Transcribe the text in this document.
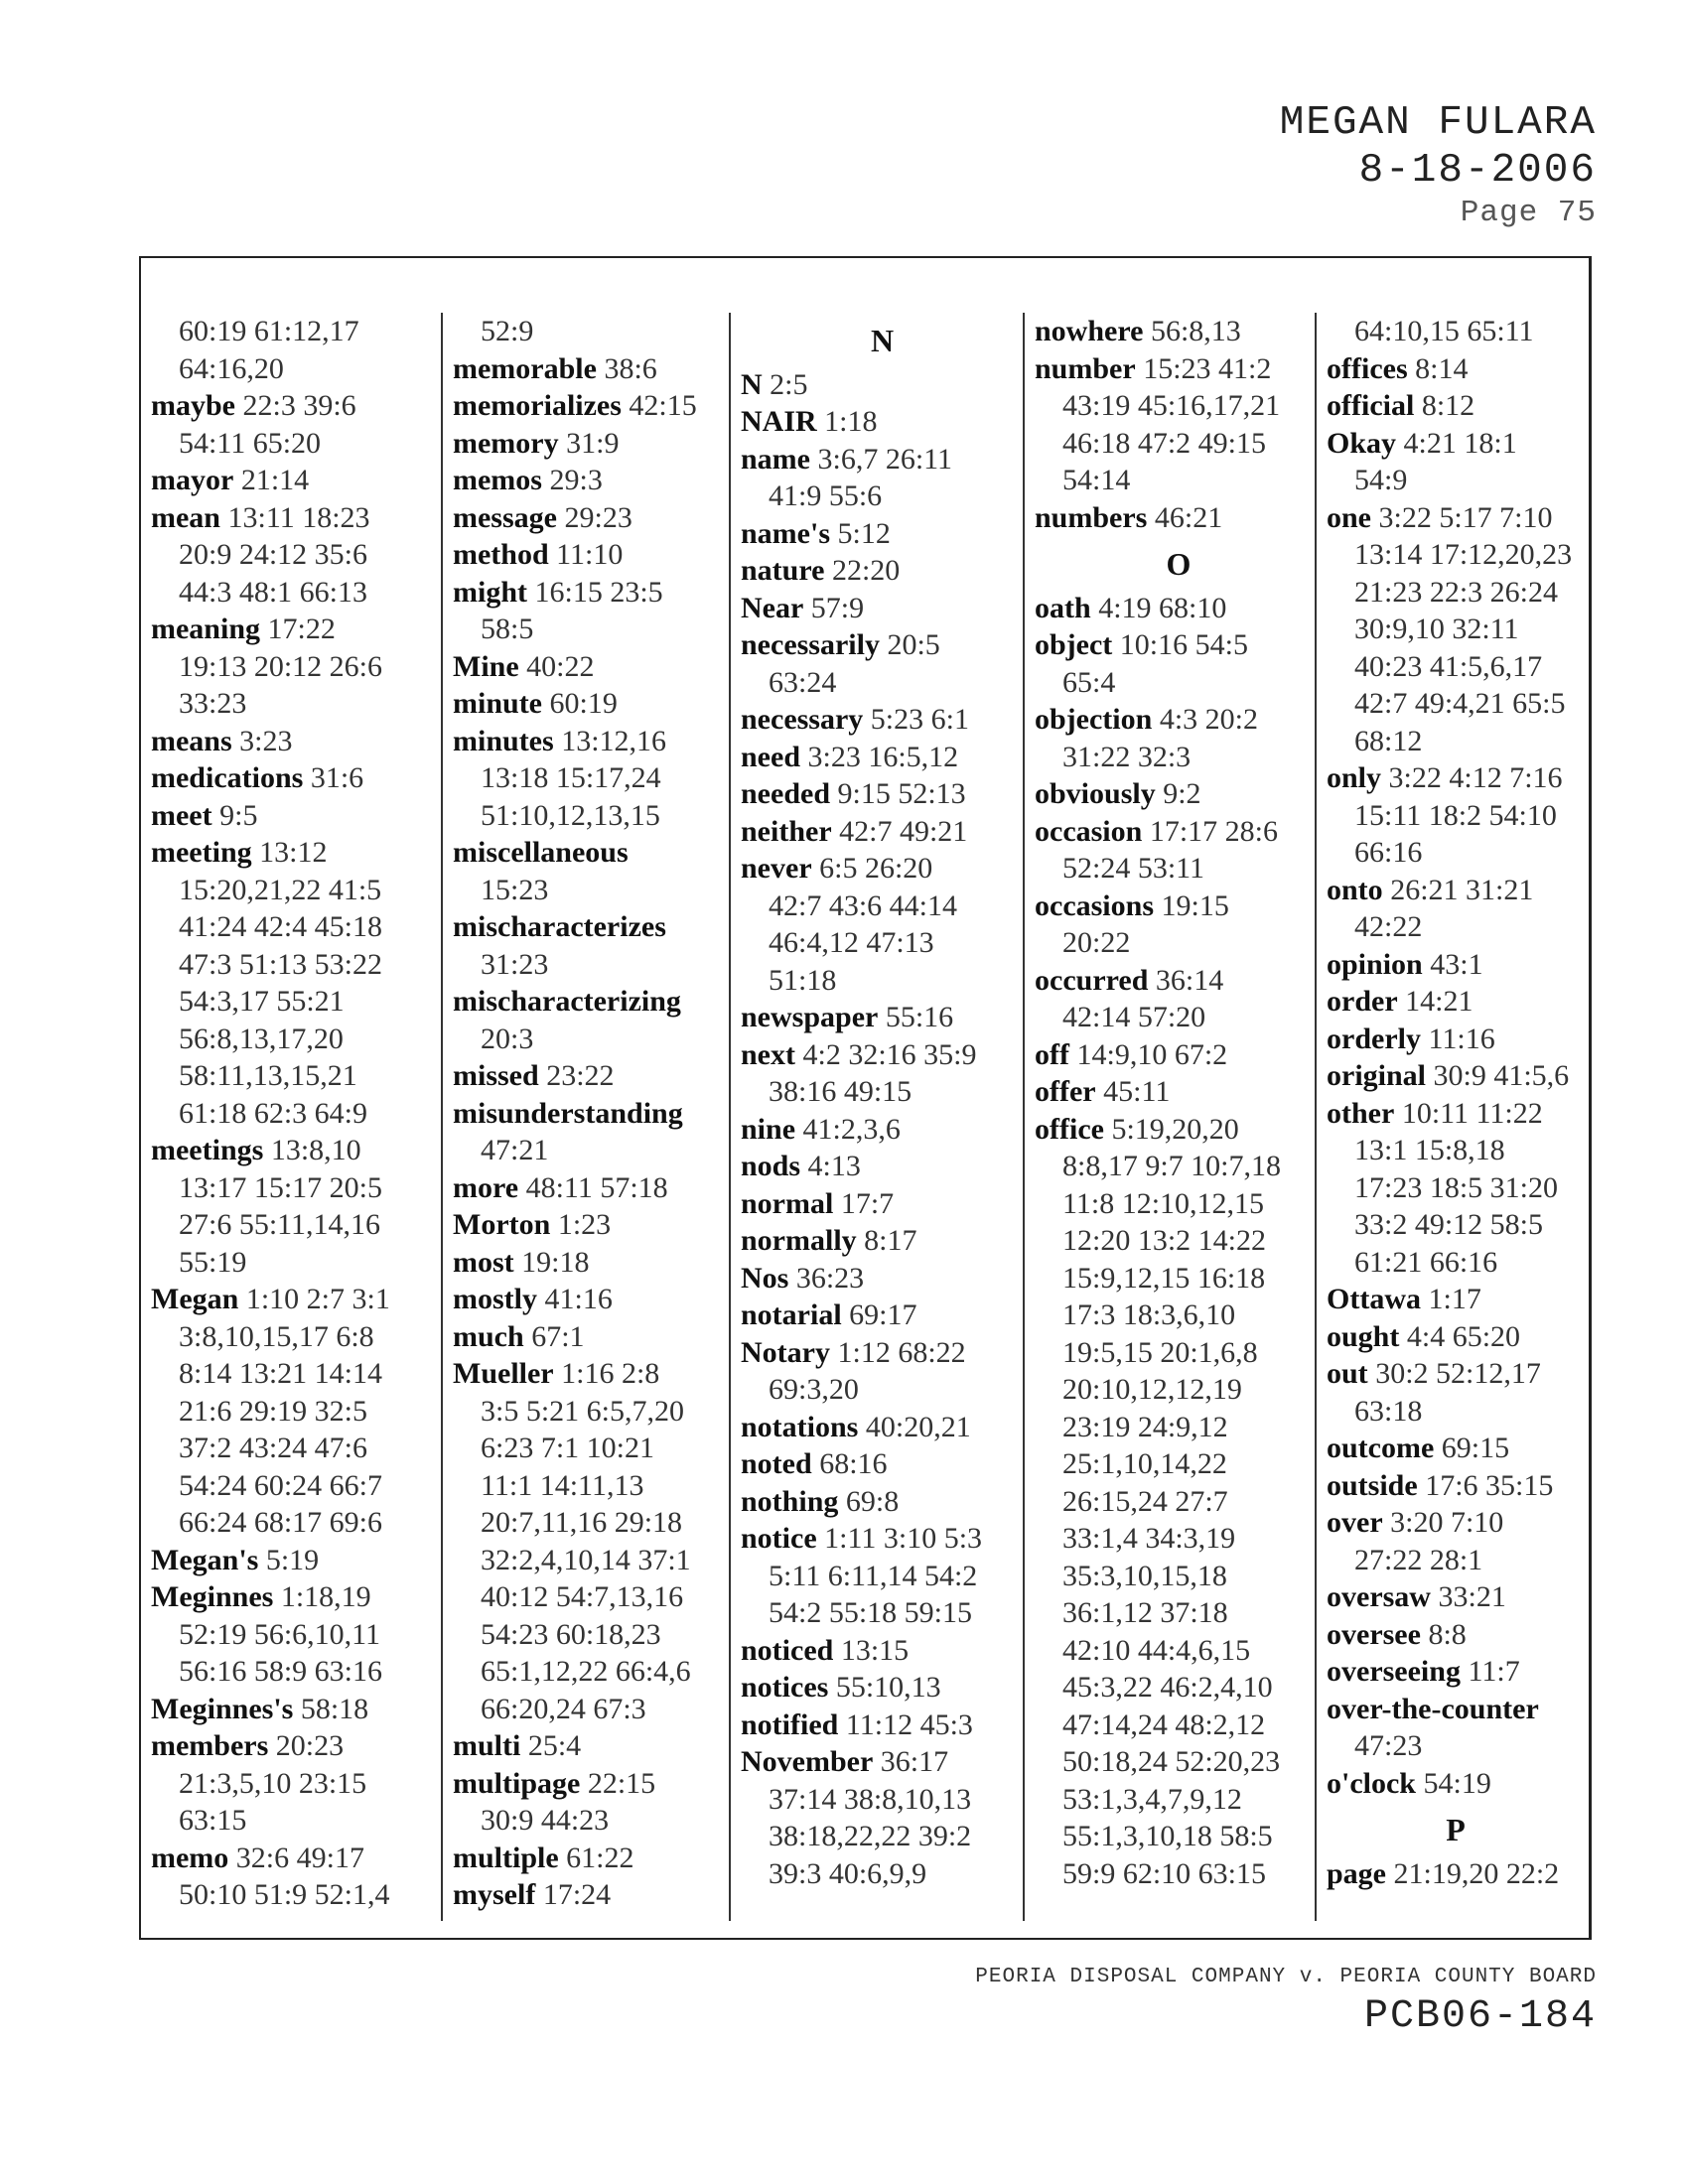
MEGAN FULARA
8-18-2006
Page 75
60:19 61:12,17
64:16,20
maybe 22:3 39:6
54:11 65:20
mayor 21:14
mean 13:11 18:23
20:9 24:12 35:6
44:3 48:1 66:13
meaning 17:22
19:13 20:12 26:6
33:23
means 3:23
medications 31:6
meet 9:5
meeting 13:12
15:20,21,22 41:5
41:24 42:4 45:18
47:3 51:13 53:22
54:3,17 55:21
56:8,13,17,20
58:11,13,15,21
61:18 62:3 64:9
meetings 13:8,10
13:17 15:17 20:5
27:6 55:11,14,16
55:19
Megan 1:10 2:7 3:1
3:8,10,15,17 6:8
8:14 13:21 14:14
21:6 29:19 32:5
37:2 43:24 47:6
54:24 60:24 66:7
66:24 68:17 69:6
Megan's 5:19
Meginnes 1:18,19
52:19 56:6,10,11
56:16 58:9 63:16
Meginnes's 58:18
members 20:23
21:3,5,10 23:15
63:15
memo 32:6 49:17
50:10 51:9 52:1,4
52:9
memorable 38:6
memorializes 42:15
memory 31:9
memos 29:3
message 29:23
method 11:10
might 16:15 23:5
58:5
Mine 40:22
minute 60:19
minutes 13:12,16
13:18 15:17,24
51:10,12,13,15
miscellaneous
15:23
mischaracterizes
31:23
mischaracterizing
20:3
missed 23:22
misunderstanding
47:21
more 48:11 57:18
Morton 1:23
most 19:18
mostly 41:16
much 67:1
Mueller 1:16 2:8
3:5 5:21 6:5,7,20
6:23 7:1 10:21
11:1 14:11,13
20:7,11,16 29:18
32:2,4,10,14 37:1
40:12 54:7,13,16
54:23 60:18,23
65:1,12,22 66:4,6
66:20,24 67:3
multi 25:4
multipage 22:15
30:9 44:23
multiple 61:22
myself 17:24
N
N 2:5
NAIR 1:18
name 3:6,7 26:11
41:9 55:6
name's 5:12
nature 22:20
Near 57:9
necessarily 20:5
63:24
necessary 5:23 6:1
need 3:23 16:5,12
needed 9:15 52:13
neither 42:7 49:21
never 6:5 26:20
42:7 43:6 44:14
46:4,12 47:13
51:18
newspaper 55:16
next 4:2 32:16 35:9
38:16 49:15
nine 41:2,3,6
nods 4:13
normal 17:7
normally 8:17
Nos 36:23
notarial 69:17
Notary 1:12 68:22
69:3,20
notations 40:20,21
noted 68:16
nothing 69:8
notice 1:11 3:10 5:3
5:11 6:11,14 54:2
54:2 55:18 59:15
noticed 13:15
notices 55:10,13
notified 11:12 45:3
November 36:17
37:14 38:8,10,13
38:18,22,22 39:2
39:3 40:6,9,9
nowhere 56:8,13
number 15:23 41:2
43:19 45:16,17,21
46:18 47:2 49:15
54:14
numbers 46:21
O
oath 4:19 68:10
object 10:16 54:5
65:4
objection 4:3 20:2
31:22 32:3
obviously 9:2
occasion 17:17 28:6
52:24 53:11
occasions 19:15
20:22
occurred 36:14
42:14 57:20
off 14:9,10 67:2
offer 45:11
office 5:19,20,20
8:8,17 9:7 10:7,18
11:8 12:10,12,15
12:20 13:2 14:22
15:9,12,15 16:18
17:3 18:3,6,10
19:5,15 20:1,6,8
20:10,12,12,19
23:19 24:9,12
25:1,10,14,22
26:15,24 27:7
33:1,4 34:3,19
35:3,10,15,18
36:1,12 37:18
42:10 44:4,6,15
45:3,22 46:2,4,10
47:14,24 48:2,12
50:18,24 52:20,23
53:1,3,4,7,9,12
55:1,3,10,18 58:5
59:9 62:10 63:15
64:10,15 65:11
offices 8:14
official 8:12
Okay 4:21 18:1
54:9
one 3:22 5:17 7:10
13:14 17:12,20,23
21:23 22:3 26:24
30:9,10 32:11
40:23 41:5,6,17
42:7 49:4,21 65:5
68:12
only 3:22 4:12 7:16
15:11 18:2 54:10
66:16
onto 26:21 31:21
42:22
opinion 43:1
order 14:21
orderly 11:16
original 30:9 41:5,6
other 10:11 11:22
13:1 15:8,18
17:23 18:5 31:20
33:2 49:12 58:5
61:21 66:16
Ottawa 1:17
ought 4:4 65:20
out 30:2 52:12,17
63:18
outcome 69:15
outside 17:6 35:15
over 3:20 7:10
27:22 28:1
oversaw 33:21
oversee 8:8
overseeing 11:7
over-the-counter
47:23
o'clock 54:19
P
page 21:19,20 22:2
PEORIA DISPOSAL COMPANY v. PEORIA COUNTY BOARD
PCB06-184
